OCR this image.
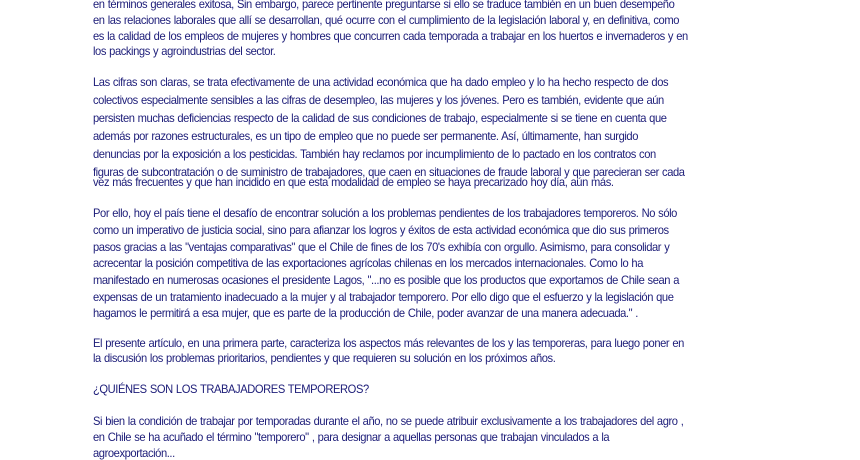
en términos generales exitosa, Sin embargo, parece pertinente preguntarse si ello se traduce también en un buen desempeño
en las relaciones laborales que allí se desarrollan, qué ocurre con el cumplimiento de la legislación laboral y, en definitiva, como
es la calidad de los empleos de mujeres y hombres que concurren cada temporada a trabajar en los huertos e invernaderos y en
los packings y agroindustrias del sector.
Las cifras son claras, se trata efectivamente de una actividad económica que ha dado empleo y lo ha hecho respecto de dos
colectivos especialmente sensibles a las cifras de desempleo, las mujeres y los jóvenes. Pero es también, evidente que aún
persisten muchas deficiencias respecto de la calidad de sus condiciones de trabajo, especialmente si se tiene en cuenta que
además por razones estructurales, es un tipo de empleo que no puede ser permanente. Así, últimamente, han surgido
denuncias por la exposición a los pesticidas. También hay reclamos por incumplimiento de lo pactado en los contratos con
figuras de subcontratación o de suministro de trabajadores, que caen en situaciones de fraude laboral y que parecieran ser cada
vez más frecuentes y que han incidido en que esta modalidad de empleo se haya precarizado hoy día, aún más.
Por ello, hoy el país tiene el desafío de encontrar solución a los problemas pendientes de los trabajadores temporeros. No sólo
como un imperativo de justicia social, sino para afianzar los logros y éxitos de esta actividad económica que dio sus primeros
pasos gracias a las "ventajas comparativas" que el Chile de fines de los 70's exhibía con orgullo. Asimismo, para consolidar y
acrecentar la posición competitiva de las exportaciones agrícolas chilenas en los mercados internacionales. Como lo ha
manifestado en numerosas ocasiones el presidente Lagos, "...no es posible que los productos que exportamos de Chile sean a
expensas de un tratamiento inadecuado a la mujer y al trabajador temporero. Por ello digo que el esfuerzo y la legislación que
hagamos le permitirá a esa mujer, que es parte de la producción de Chile, poder avanzar de una manera adecuada." .
El presente artículo, en una primera parte, caracteriza los aspectos más relevantes de los y las temporeras, para luego poner en
la discusión los problemas prioritarios, pendientes y que requieren su solución en los próximos años.
¿QUIÉNES SON LOS TRABAJADORES TEMPOREROS?
Si bien la condición de trabajar por temporadas durante el año, no se puede atribuir exclusivamente a los trabajadores del agro ,
en Chile se ha acuñado el término "temporero" , para designar a aquellas personas que trabajan vinculados a la
agroexportación...
